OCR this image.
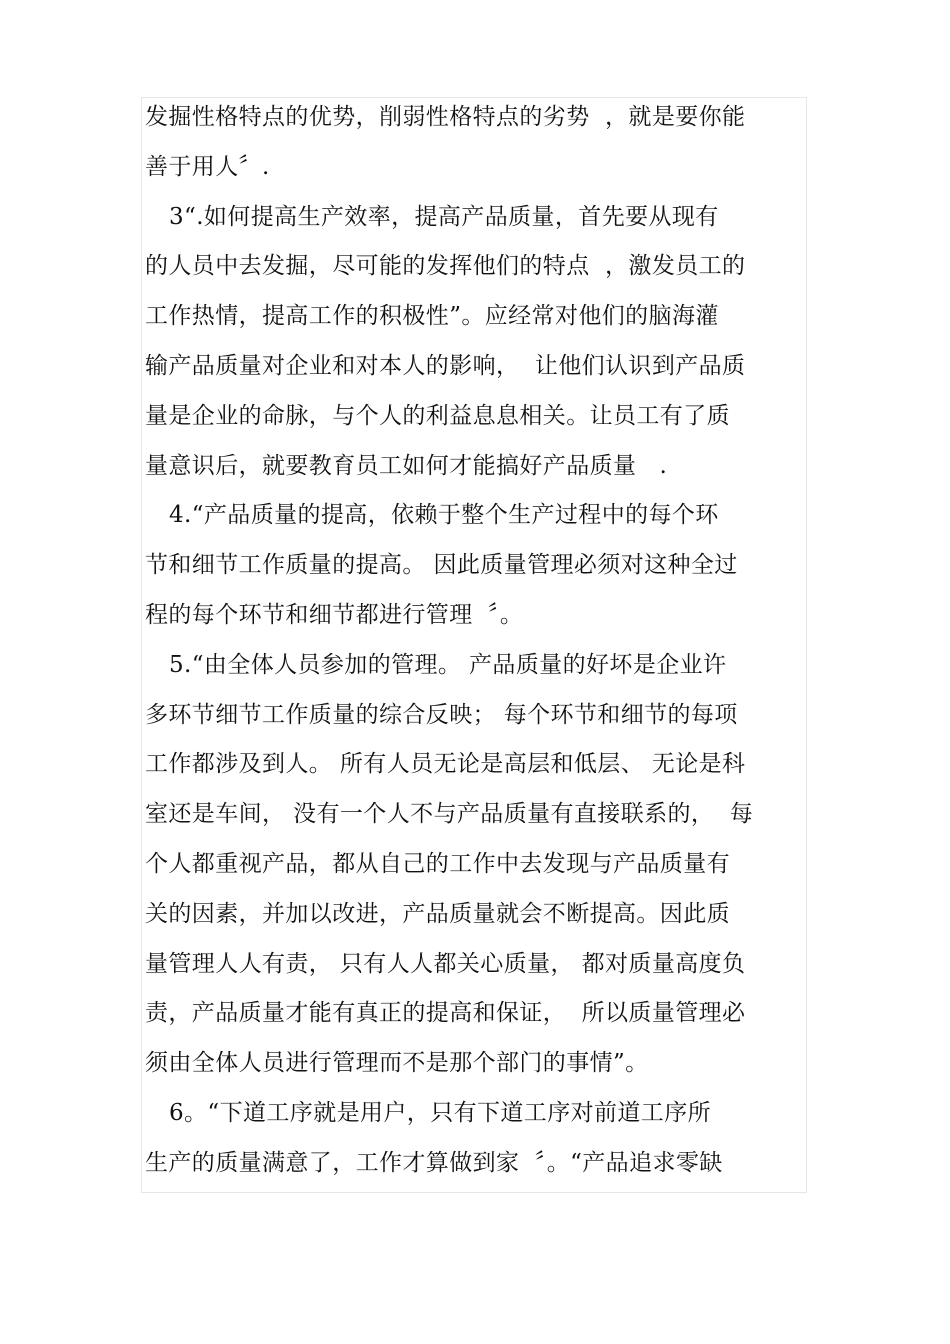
发掘性格特点的优势，削弱性格特点的劣势  ，就是要你能
善于用人〞.
3“.如何提高生产效率，提高产品质量，首先要从现有
的人员中去发掘，尽可能的发挥他们的特点  ，激发员工的
工作热情，提高工作的积极性”。应经常对他们的脑海灌
输产品质量对企业和对本人的影响，  让他们认识到产品质
量是企业的命脉，与个人的利益息息相关。让员工有了质
量意识后，就要教育员工如何才能搞好产品质量   .
4.“产品质量的提高，依赖于整个生产过程中的每个环
节和细节工作质量的提高。 因此质量管理必须对这种全过
程的每个环节和细节都进行管理  〞。
5.“由全体人员参加的管理。 产品质量的好坏是企业许
多环节细节工作质量的综合反映； 每个环节和细节的每项
工作都涉及到人。 所有人员无论是高层和低层、 无论是科
室还是车间， 没有一个人不与产品质量有直接联系的，  每
个人都重视产品，都从自己的工作中去发现与产品质量有
关的因素，并加以改进，产品质量就会不断提高。因此质
量管理人人有责， 只有人人都关心质量， 都对质量高度负
责，产品质量才能有真正的提高和保证，  所以质量管理必
须由全体人员进行管理而不是那个部门的事情”。
6。“下道工序就是用户，只有下道工序对前道工序所
生产的质量满意了，工作才算做到家  〞。“产品追求零缺
